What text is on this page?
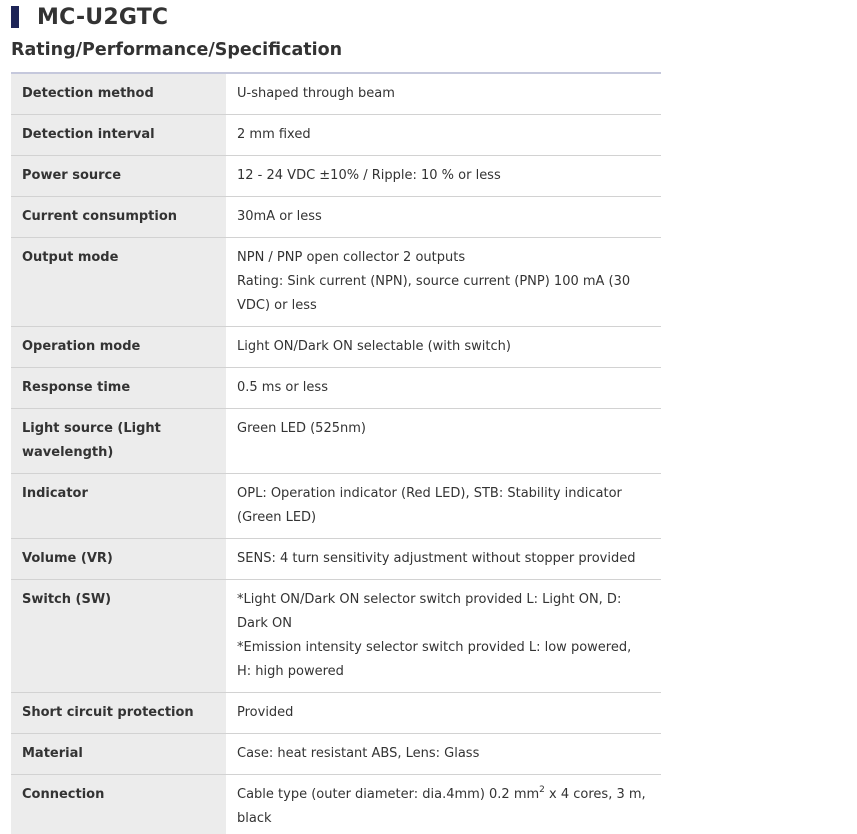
MC-U2GTC
Rating/Performance/Specification
Detection method	U-shaped through beam

Detection interval	2 mm fixed

Power source	12 - 24 VDC ±10% / Ripple: 10 % or less

Current consumption	30mA or less

Output mode	NPN / PNP open collector 2 outputs
Rating: Sink current (NPN), source current (PNP) 100 mA (30 VDC) or less

Operation mode	Light ON/Dark ON selectable (with switch)

Response time	0.5 ms or less

Light source (Light wavelength)	Green LED (525nm)

Indicator	OPL: Operation indicator (Red LED), STB: Stability indicator (Green LED)

Volume (VR)	SENS: 4 turn sensitivity adjustment without stopper provided

Switch (SW)	*Light ON/Dark ON selector switch provided L: Light ON, D: Dark ON
*Emission intensity selector switch provided L: low powered, H: high powered

Short circuit protection	Provided

Material	Case: heat resistant ABS, Lens: Glass

Connection	Cable type (outer diameter: dia.4mm) 0.2 $mm^2$ x 4 cores, 3 m, black
